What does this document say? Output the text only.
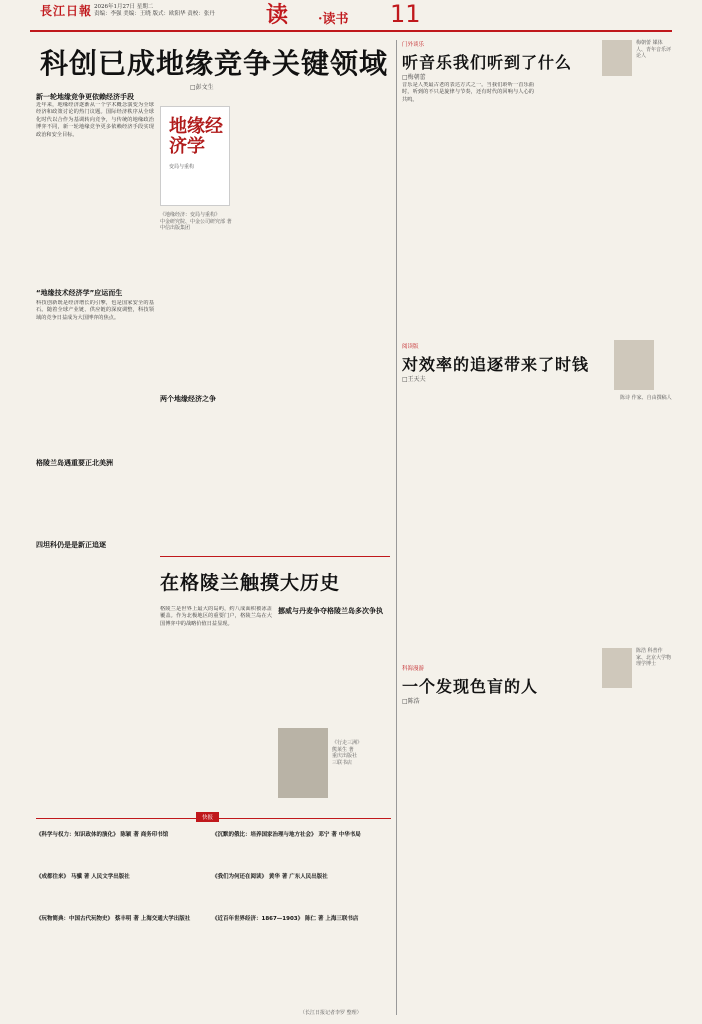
長江日報 2026年1月27日 星期二
责编：李强 美编：王晓 版式：欧阳华 责校：张丹 读	·读书 11
科创已成地缘竞争关键领域
□彭文生
新一轮地缘竞争更依赖经济手段
近年来，地缘经济逐渐从一个学术概念演变为全球经济和政策讨论的热门议题。国际经济秩序从全球化时代以合作为基调转向竞争，与传统的地缘政治博弈不同，新一轮地缘竞争更多依赖经济手段实现政治和安全目标。
“地缘技术经济学”应运而生
科技创新既是经济增长的引擎，也是国家安全的基石。随着全球产业链、供应链的深度调整，科技领域的竞争日益成为大国博弈的焦点。
地缘经济学
变局与重构
《地缘经济：变局与重构》
中金研究院、中金公司研究部 著
中信出版集团
两个地缘经济之争
格陵兰岛遇重要正北美洲
四坦科仍是是新正追逐
在格陵兰触摸大历史
挪威与丹麦争夺格陵兰岛多次争执
格陵兰是世界上最大的岛屿，约八成面积被冰盖覆盖。作为北极地区的重要门户，格陵兰岛在大国博弈中的战略价值日益显现。
《行走三洲》
熊莱生 著
重庆出版社
三联书店
快报
《科学与权力：知识政体的演化》 陈颖 著 商务印书馆
《成都往来》 马骥 著 人民文学出版社
《玩物简典：中国古代玩物史》 蔡丰明 著 上海交通大学出版社
《沉默的俄比：培养国家治理与地方社会》 邓宁 著 中华书局
《我们为何还在阅读》 黄华 著 广东人民出版社
《近百年世界经济：1867—1903》 陈仁 著 上海三联书店
（长江日报记者李罗 整理）
门外谈乐
听音乐我们听到了什么
□梅朝蕾
梅朝蕾 媒体人、青年音乐评论人
音乐是人类最古老的表达方式之一。当我们聆听一首乐曲时，听到的不只是旋律与节奏，还有时代的回响与人心的共鸣。
阅读版
对效率的追逐带来了时钱
□王天夫
陈诗 作家、自由撰稿人
科海漫游
一个发现色盲的人
□陈浩
陈浩 科普作家、北京大学物理学博士
